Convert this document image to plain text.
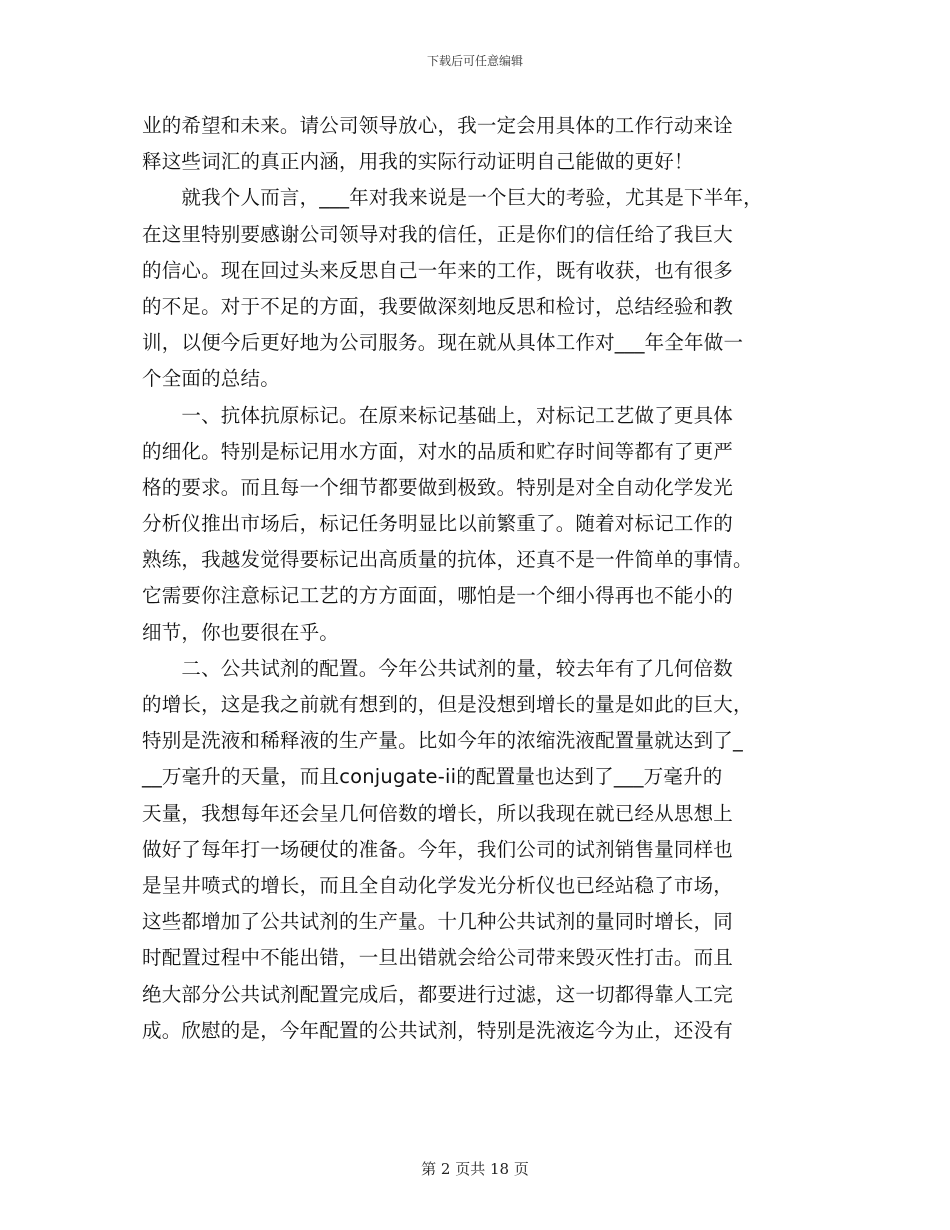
下载后可任意编辑
业的希望和未来。请公司领导放心，我一定会用具体的工作行动来诠
释这些词汇的真正内涵，用我的实际行动证明自己能做的更好！
　　就我个人而言，___年对我来说是一个巨大的考验，尤其是下半年，
在这里特别要感谢公司领导对我的信任，正是你们的信任给了我巨大
的信心。现在回过头来反思自己一年来的工作，既有收获，也有很多
的不足。对于不足的方面，我要做深刻地反思和检讨，总结经验和教
训，以便今后更好地为公司服务。现在就从具体工作对___年全年做一
个全面的总结。
　　一、抗体抗原标记。在原来标记基础上，对标记工艺做了更具体
的细化。特别是标记用水方面，对水的品质和贮存时间等都有了更严
格的要求。而且每一个细节都要做到极致。特别是对全自动化学发光
分析仪推出市场后，标记任务明显比以前繁重了。随着对标记工作的
熟练，我越发觉得要标记出高质量的抗体，还真不是一件简单的事情。
它需要你注意标记工艺的方方面面，哪怕是一个细小得再也不能小的
细节，你也要很在乎。
　　二、公共试剂的配置。今年公共试剂的量，较去年有了几何倍数
的增长，这是我之前就有想到的，但是没想到增长的量是如此的巨大，
特别是洗液和稀释液的生产量。比如今年的浓缩洗液配置量就达到了_
__万毫升的天量，而且conjugate-ii的配置量也达到了___万毫升的
天量，我想每年还会呈几何倍数的增长，所以我现在就已经从思想上
做好了每年打一场硬仗的准备。今年，我们公司的试剂销售量同样也
是呈井喷式的增长，而且全自动化学发光分析仪也已经站稳了市场，
这些都增加了公共试剂的生产量。十几种公共试剂的量同时增长，同
时配置过程中不能出错，一旦出错就会给公司带来毁灭性打击。而且
绝大部分公共试剂配置完成后，都要进行过滤，这一切都得靠人工完
成。欣慰的是，今年配置的公共试剂，特别是洗液迄今为止，还没有
第 2 页共 18 页
